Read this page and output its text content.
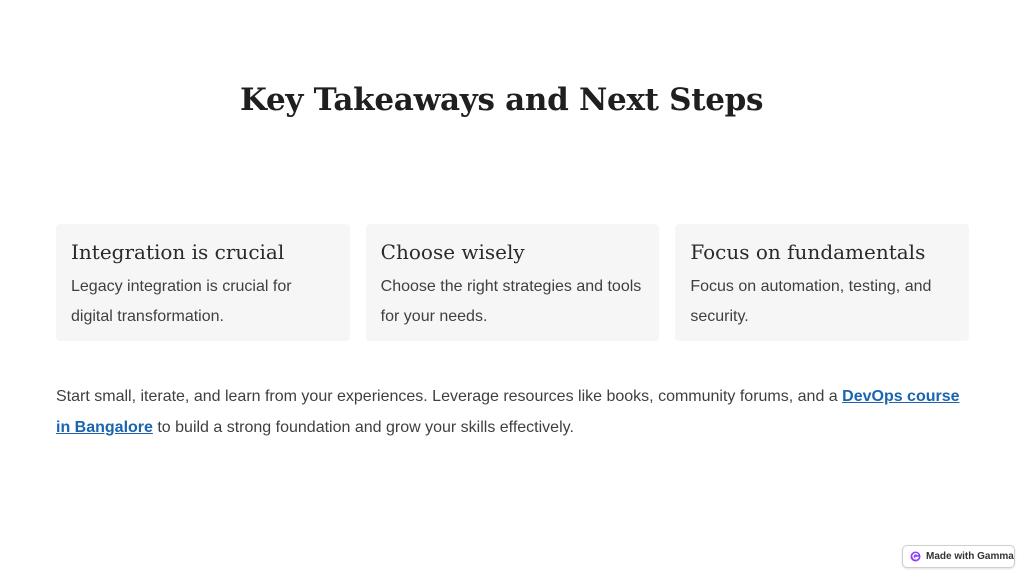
Key Takeaways and Next Steps
Integration is crucial

Legacy integration is crucial for digital transformation.

Choose wisely

Choose the right strategies and tools for your needs.

Focus on fundamentals

Focus on automation, testing, and security.

Start small, iterate, and learn from your experiences. Leverage resources like books, community forums, and a DevOps course in Bangalore to build a strong foundation and grow your skills effectively.

Made with Gamma
